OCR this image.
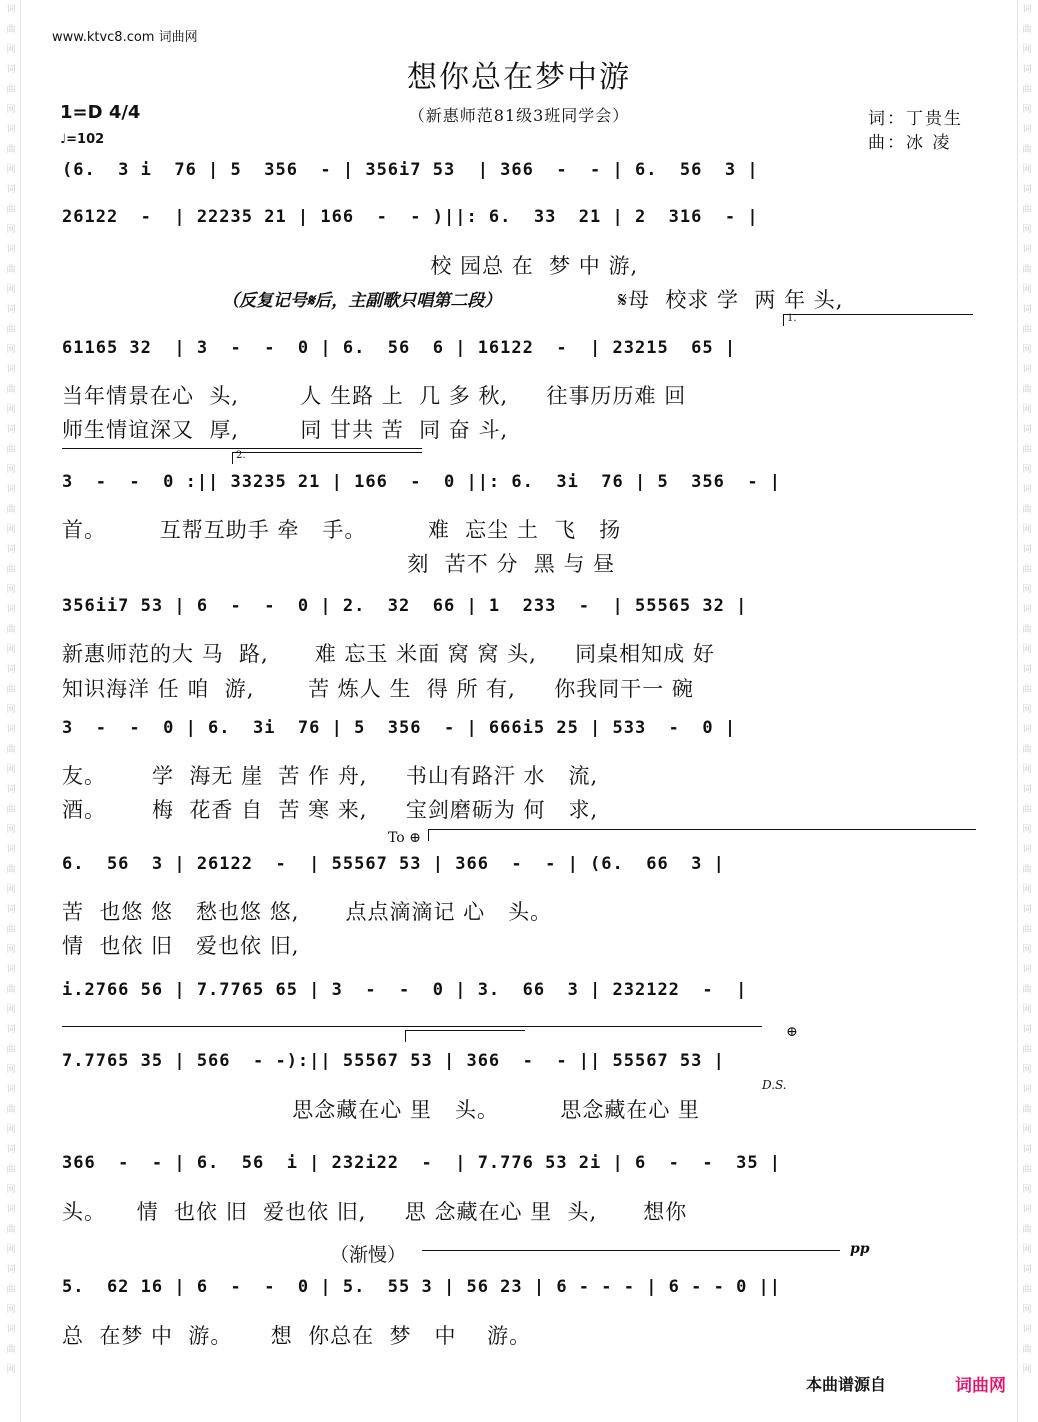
词曲网词曲网词曲网词曲网词曲网词曲网词曲网词曲网词曲网词曲网词曲网词曲网词曲网词曲网词曲网词曲网词曲网词曲网词曲网词曲网词曲网词曲网词曲网
词曲网词曲网词曲网词曲网词曲网词曲网词曲网词曲网词曲网词曲网词曲网词曲网词曲网词曲网词曲网词曲网词曲网词曲网词曲网词曲网词曲网词曲网词曲网
www.ktvc8.com 词曲网
想你总在梦中游
（新惠师范81级3班同学会）
1=D 4/4
♩=102
词：丁贵生
曲：冰 凌
(6.  3 i  76 | 5  356  - | 356i7 53  | 366  -  - | 6.  56  3 |
26122  -  | 22235 21 | 166  -  - )||: 6.  33  21 | 2  316  - |
61165 32  | 3  -  -  0 | 6.  56  6 | 16122  -  | 23215  65 |
3  -  -  0 :|| 33235 21 | 166  -  0 ||: 6.  3i  76 | 5  356  - |
356ii7 53 | 6  -  -  0 | 2.  32  66 | 1  233  -  | 55565 32 |
3  -  -  0 | 6.  3i  76 | 5  356  - | 666i5 25 | 533  -  0 |
6.  56  3 | 26122  -  | 55567 53 | 366  -  - | (6.  66  3 |
i.2766 56 | 7.7765 65 | 3  -  -  0 | 3.  66  3 | 232122  -  |
7.7765 35 | 566  - -):|| 55567 53 | 366  -  - || 55567 53 |
366  -  - | 6.  56  i | 232i22  -  | 7.776 53 2i | 6  -  -  35 |
5.  62 16 | 6  -  -  0 | 5.  55 3 | 56 23 | 6 - - - | 6 - - 0 ||
校 园总 在  梦 中 游,
（反复记号𝄋后，主副歌只唱第二段）	𝄋母  校求 学  两 年 头,
当年情景在心  头,        人 生路 上  几 多 秋,     往事历历难 回
师生情谊深又  厚,        同 甘共 苦  同 奋 斗,
首。       互帮互助手 牵   手。        难  忘尘 土  飞   扬
刻  苦不 分  黑 与 昼
新惠师范的大 马  路,      难 忘玉 米面 窝 窝 头,     同桌相知成 好
知识海洋 任 咱  游,       苦 炼人 生  得 所 有,     你我同干一 碗
友。      学  海无 崖  苦 作 舟,     书山有路汗 水   流,
酒。      梅  花香 自  苦 寒 来,     宝剑磨砺为 何   求,
苦  也悠 悠   愁也悠 悠,      点点滴滴记 心   头。
情  也依 旧   爱也依 旧,
思念藏在心 里   头。        思念藏在心 里
头。    情  也依 旧  爱也依 旧,     思 念藏在心 里  头,      想你
总  在梦 中  游。     想  你总在  梦   中    游。
（渐慢）	pp
To ⊕
D.S.
⊕
1.
2.
本曲谱源自	词曲网
